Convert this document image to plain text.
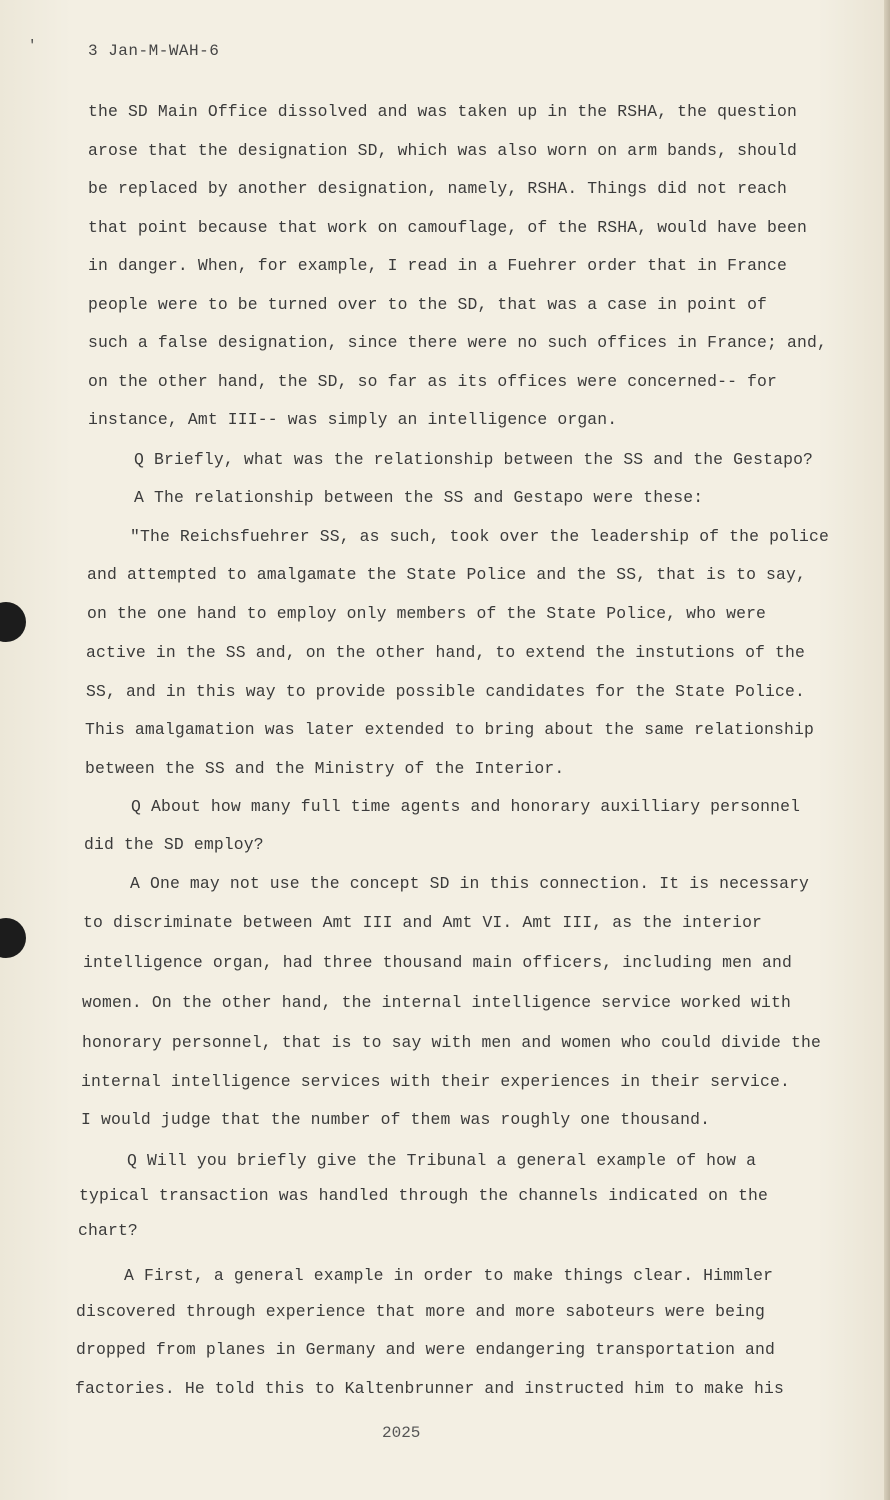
'	3 Jan-M-WAH-6
the SD Main Office dissolved and was taken up in the RSHA, the question
arose that the designation SD, which was also worn on arm bands, should
be replaced by another designation, namely, RSHA. Things did not reach
that point because that work on camouflage, of the RSHA, would have been
in danger. When, for example, I read in a Fuehrer order that in France
people were to be turned over to the SD, that was a case in point of
such a false designation, since there were no such offices in France; and,
on the other hand, the SD, so far as its offices were concerned-- for
instance, Amt III-- was simply an intelligence organ.
Q Briefly, what was the relationship between the SS and the Gestapo?
A The relationship between the SS and Gestapo were these:
"The Reichsfuehrer SS, as such, took over the leadership of the police
and attempted to amalgamate the State Police and the SS, that is to say,
on the one hand to employ only members of the State Police, who were
active in the SS and, on the other hand, to extend the instutions of the
SS, and in this way to provide possible candidates for the State Police.
This amalgamation was later extended to bring about the same relationship
between the SS and the Ministry of the Interior.
Q About how many full time agents and honorary auxilliary personnel
did the SD employ?
A One may not use the concept SD in this connection. It is necessary
to discriminate between Amt III and Amt VI. Amt III, as the interior
intelligence organ, had three thousand main officers, including men and
women. On the other hand, the internal intelligence service worked with
honorary personnel, that is to say with men and women who could divide the
internal intelligence services with their experiences in their service.
I would judge that the number of them was roughly one thousand.
Q Will you briefly give the Tribunal a general example of how a
typical transaction was handled through the channels indicated on the
chart?
A First, a general example in order to make things clear. Himmler
discovered through experience that more and more saboteurs were being
dropped from planes in Germany and were endangering transportation and
factories. He told this to Kaltenbrunner and instructed him to make his
2025
